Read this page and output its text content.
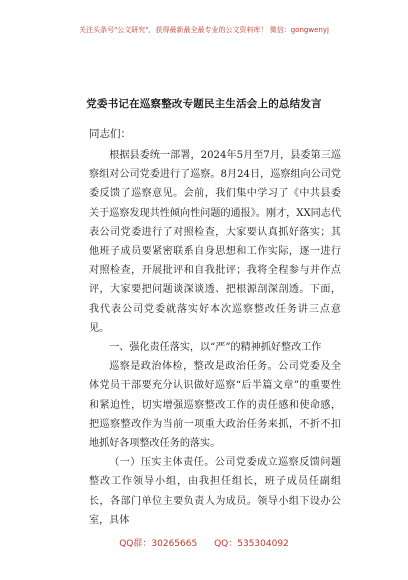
关注头条号"公文研究"，获得最新最全最专业的公文资料库！ 微信：gongwenyj
党委书记在巡察整改专题民主生活会上的总结发言
同志们：

根据县委统一部署，2024年5月至7月，县委第三巡察组对公司党委进行了巡察。8月24日，巡察组向公司党委反馈了巡察意见。会前，我们集中学习了《中共县委关于巡察发现共性倾向性问题的通报》。刚才，XX同志代表公司党委进行了对照检查，大家要认真抓好落实；其他班子成员要紧密联系自身思想和工作实际，逐一进行对照检查，开展批评和自我批评；我将全程参与并作点评，大家要把问题谈深谈透、把根源剖深剖透。下面，我代表公司党委就落实好本次巡察整改任务讲三点意见。

一、强化责任落实，以“严”的精神抓好整改工作

巡察是政治体检，整改是政治任务。公司党委及全体党员干部要充分认识做好巡察“后半篇文章”的重要性和紧迫性，切实增强巡察整改工作的责任感和使命感，把巡察整改作为当前一项重大政治任务来抓，不折不扣地抓好各项整改任务的落实。

（一）压实主体责任。公司党委成立巡察反馈问题整改工作领导小组，由我担任组长，班子成员任副组长，各部门单位主要负责人为成员。领导小组下设办公室，具体

QQ群：30265665 QQ：535304092
